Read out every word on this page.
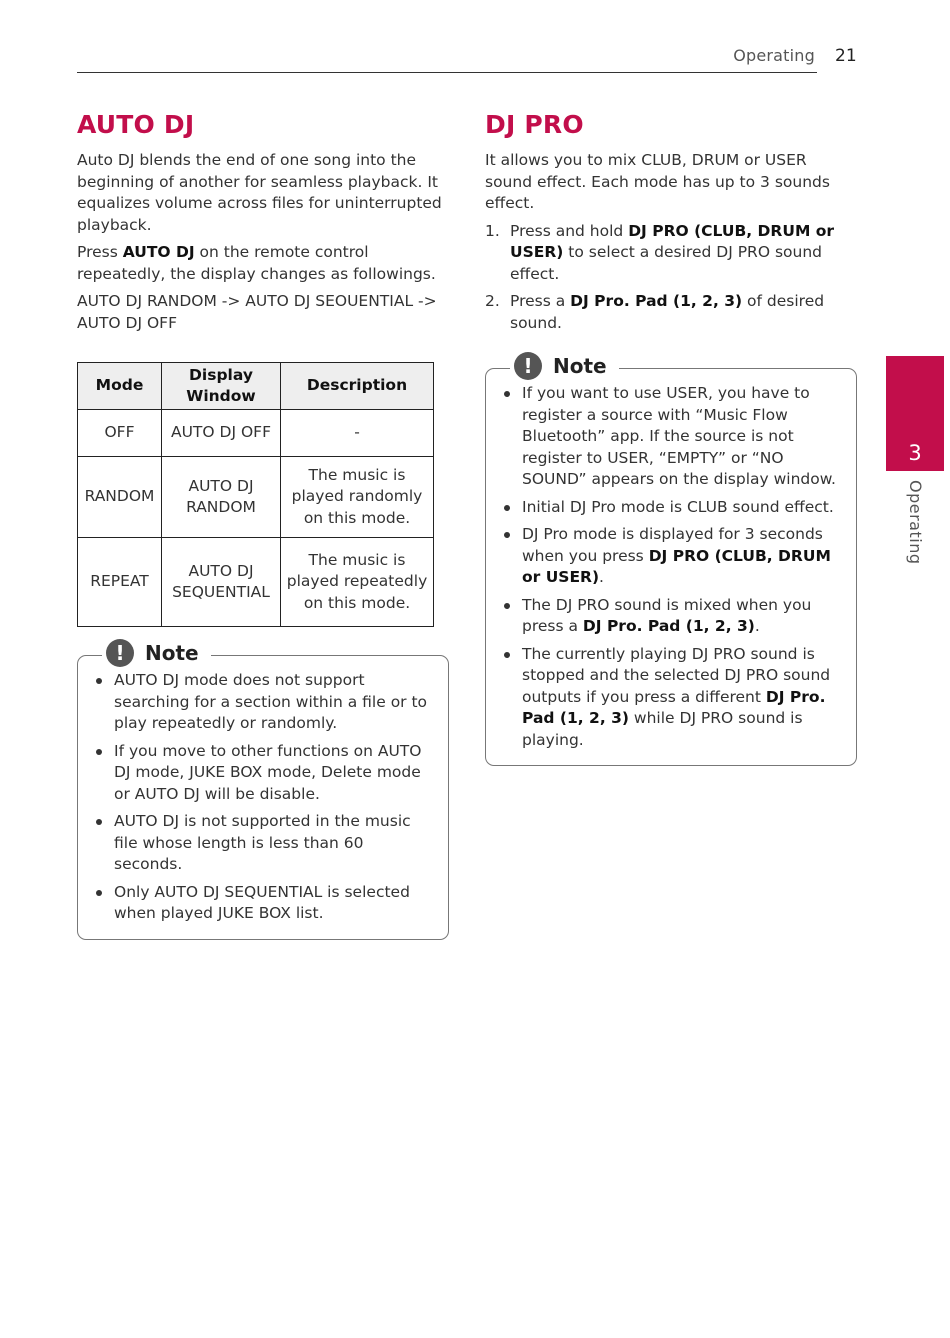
Operating 21
AUTO DJ

Auto DJ blends the end of one song into the beginning of another for seamless playback. It equalizes volume across files for uninterrupted playback.

Press AUTO DJ on the remote control repeatedly, the display changes as followings.

AUTO DJ RANDOM -> AUTO DJ SEOUENTIAL -> AUTO DJ OFF

Mode	Display Window	Description
OFF	AUTO DJ OFF	-
RANDOM	AUTO DJ RANDOM	The music is played randomly on this mode.
REPEAT	AUTO DJ SEQUENTIAL	The music is played repeatedly on this mode.
!	Note
AUTO DJ mode does not support searching for a section within a file or to play repeatedly or randomly.
If you move to other functions on AUTO DJ mode, JUKE BOX mode, Delete mode or AUTO DJ will be disable.
AUTO DJ is not supported in the music file whose length is less than 60 seconds.
Only AUTO DJ SEQUENTIAL is selected when played JUKE BOX list.
DJ PRO

It allows you to mix CLUB, DRUM or USER sound effect. Each mode has up to 3 sounds effect.

1. Press and hold DJ PRO (CLUB, DRUM or USER) to select a desired DJ PRO sound effect.
2. Press a DJ Pro. Pad (1, 2, 3) of desired sound.
!	Note
If you want to use USER, you have to register a source with “Music Flow Bluetooth” app. If the source is not register to USER, “EMPTY” or “NO SOUND” appears on the display window.
Initial DJ Pro mode is CLUB sound effect.
DJ Pro mode is displayed for 3 seconds when you press DJ PRO (CLUB, DRUM or USER).
The DJ PRO sound is mixed when you press a DJ Pro. Pad (1, 2, 3).
The currently playing DJ PRO sound is stopped and the selected DJ PRO sound outputs if you press a different DJ Pro. Pad (1, 2, 3) while DJ PRO sound is playing.
3
Operating
